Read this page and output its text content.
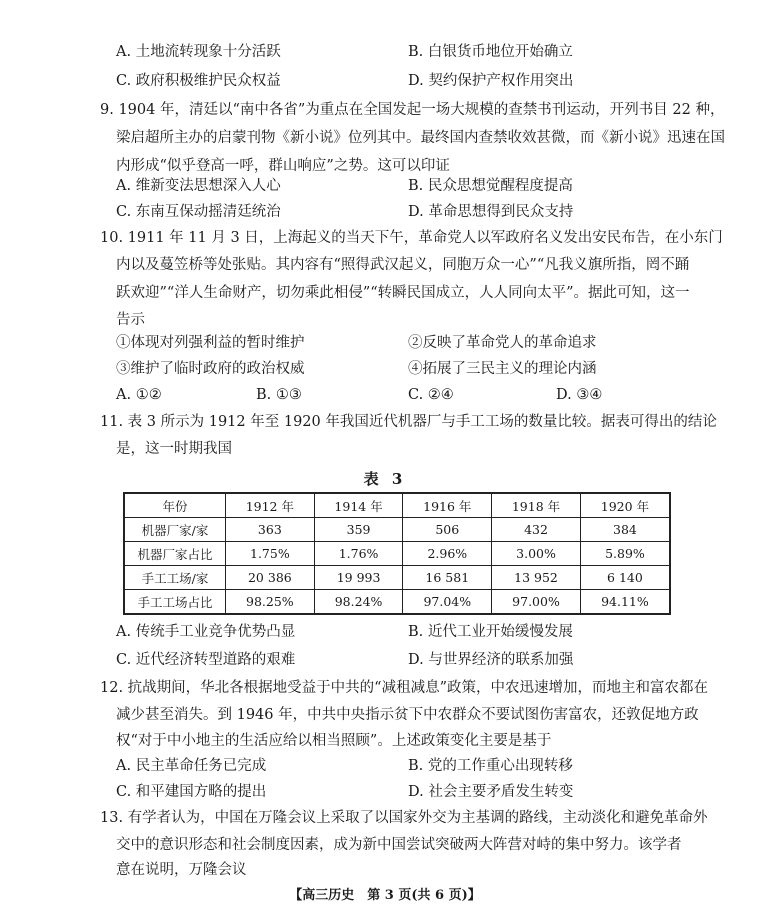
A. 土地流转现象十分活跃	B. 白银货币地位开始确立
C. 政府积极维护民众权益	D. 契约保护产权作用突出
9. 1904 年，清廷以“南中各省”为重点在全国发起一场大规模的查禁书刊运动，开列书目 22 种，
梁启超所主办的启蒙刊物《新小说》位列其中。最终国内查禁收效甚微，而《新小说》迅速在国
内形成“似乎登高一呼，群山响应”之势。这可以印证
A. 维新变法思想深入人心	B. 民众思想觉醒程度提高
C. 东南互保动摇清廷统治	D. 革命思想得到民众支持
10. 1911 年 11 月 3 日，上海起义的当天下午，革命党人以军政府名义发出安民布告，在小东门
内以及蔓笠桥等处张贴。其内容有“照得武汉起义，同胞万众一心”“凡我义旗所指，罔不踊
跃欢迎”“洋人生命财产，切勿乘此相侵”“转瞬民国成立，人人同向太平”。据此可知，这一
告示
①体现对列强利益的暂时维护	②反映了革命党人的革命追求
③维护了临时政府的政治权威	④拓展了三民主义的理论内涵
A. ①②	B. ①③	C. ②④	D. ③④
11. 表 3 所示为 1912 年至 1920 年我国近代机器厂与手工工场的数量比较。据表可得出的结论
是，这一时期我国
表 3
年份	1912 年	1914 年	1916 年	1918 年	1920 年
机器厂家/家	363	359	506	432	384
机器厂家占比	1.75%	1.76%	2.96%	3.00%	5.89%
手工工场/家	20 386	19 993	16 581	13 952	6 140
手工工场占比	98.25%	98.24%	97.04%	97.00%	94.11%
A. 传统手工业竞争优势凸显	B. 近代工业开始缓慢发展
C. 近代经济转型道路的艰难	D. 与世界经济的联系加强
12. 抗战期间，华北各根据地受益于中共的“减租减息”政策，中农迅速增加，而地主和富农都在
减少甚至消失。到 1946 年，中共中央指示贫下中农群众不要试图伤害富农，还敦促地方政
权“对于中小地主的生活应给以相当照顾”。上述政策变化主要是基于
A. 民主革命任务已完成	B. 党的工作重心出现转移
C. 和平建国方略的提出	D. 社会主要矛盾发生转变
13. 有学者认为，中国在万隆会议上采取了以国家外交为主基调的路线，主动淡化和避免革命外
交中的意识形态和社会制度因素，成为新中国尝试突破两大阵营对峙的集中努力。该学者
意在说明，万隆会议
【高三历史　第 3 页(共 6 页)】
